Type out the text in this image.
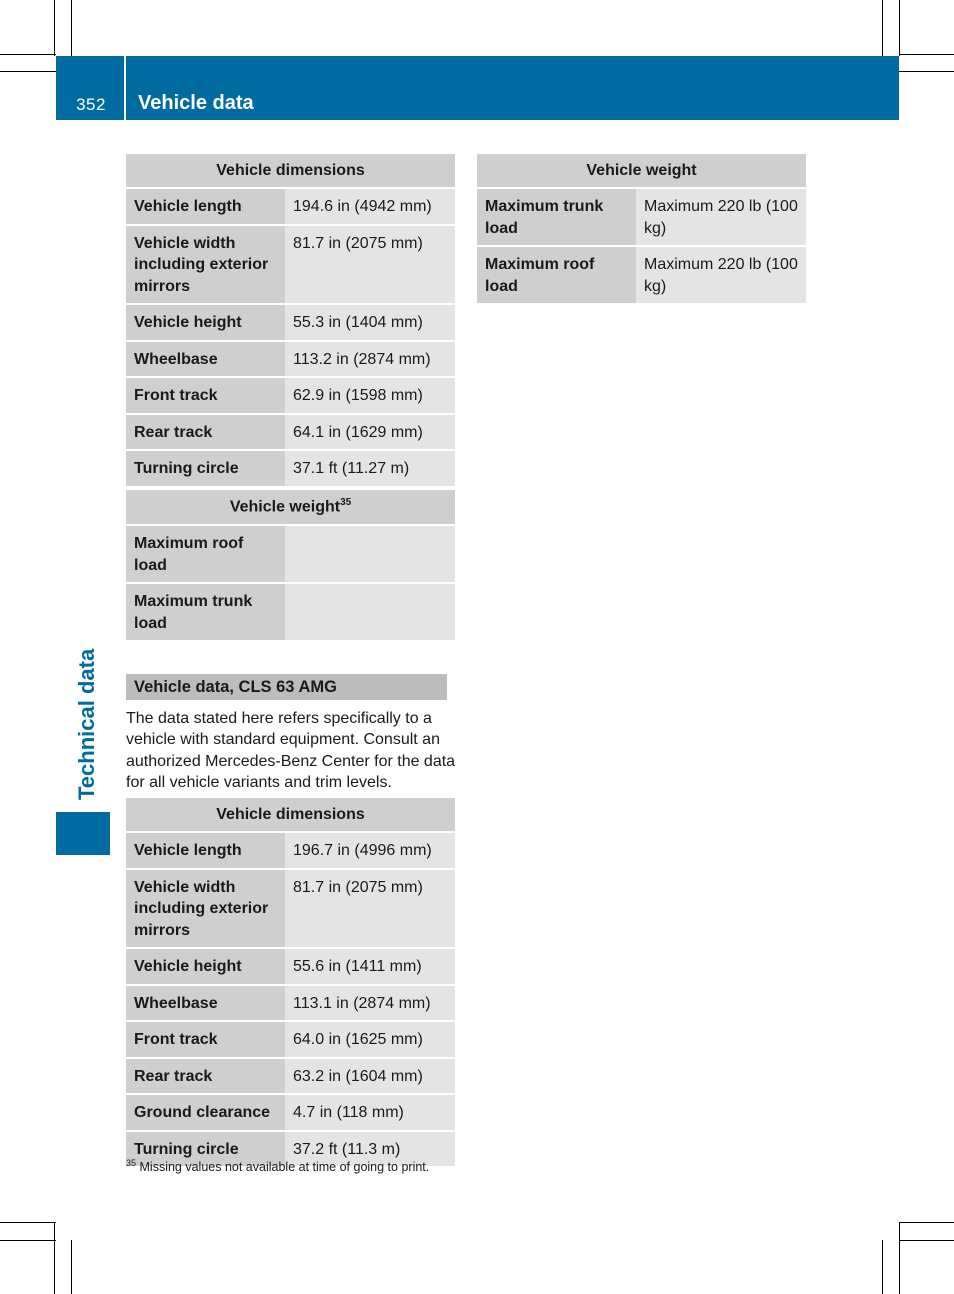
352	Vehicle data
Technical data
Vehicle dimensions	
Vehicle length	194.6 in (4942 mm)
Vehicle width including exterior mirrors	81.7 in (2075 mm)
Vehicle height	55.3 in (1404 mm)
Wheelbase	113.2 in (2874 mm)
Front track	62.9 in (1598 mm)
Rear track	64.1 in (1629 mm)
Turning circle	37.1 ft (11.27 m)
Vehicle weight$^{35}$
Maximum roof load	
Maximum trunk load	
Vehicle data, CLS 63 AMG
The data stated here refers specifically to a vehicle with standard equipment. Consult an authorized Mercedes-Benz Center for the data for all vehicle variants and trim levels.
Vehicle dimensions	
Vehicle length	196.7 in (4996 mm)
Vehicle width including exterior mirrors	81.7 in (2075 mm)
Vehicle height	55.6 in (1411 mm)
Wheelbase	113.1 in (2874 mm)
Front track	64.0 in (1625 mm)
Rear track	63.2 in (1604 mm)
Ground clearance	4.7 in (118 mm)
Turning circle	37.2 ft (11.3 m)
Vehicle weight	
Maximum trunk load	Maximum 220 lb (100 kg)
Maximum roof load	Maximum 220 lb (100 kg)
$^{35}$ Missing values not available at time of going to print.
